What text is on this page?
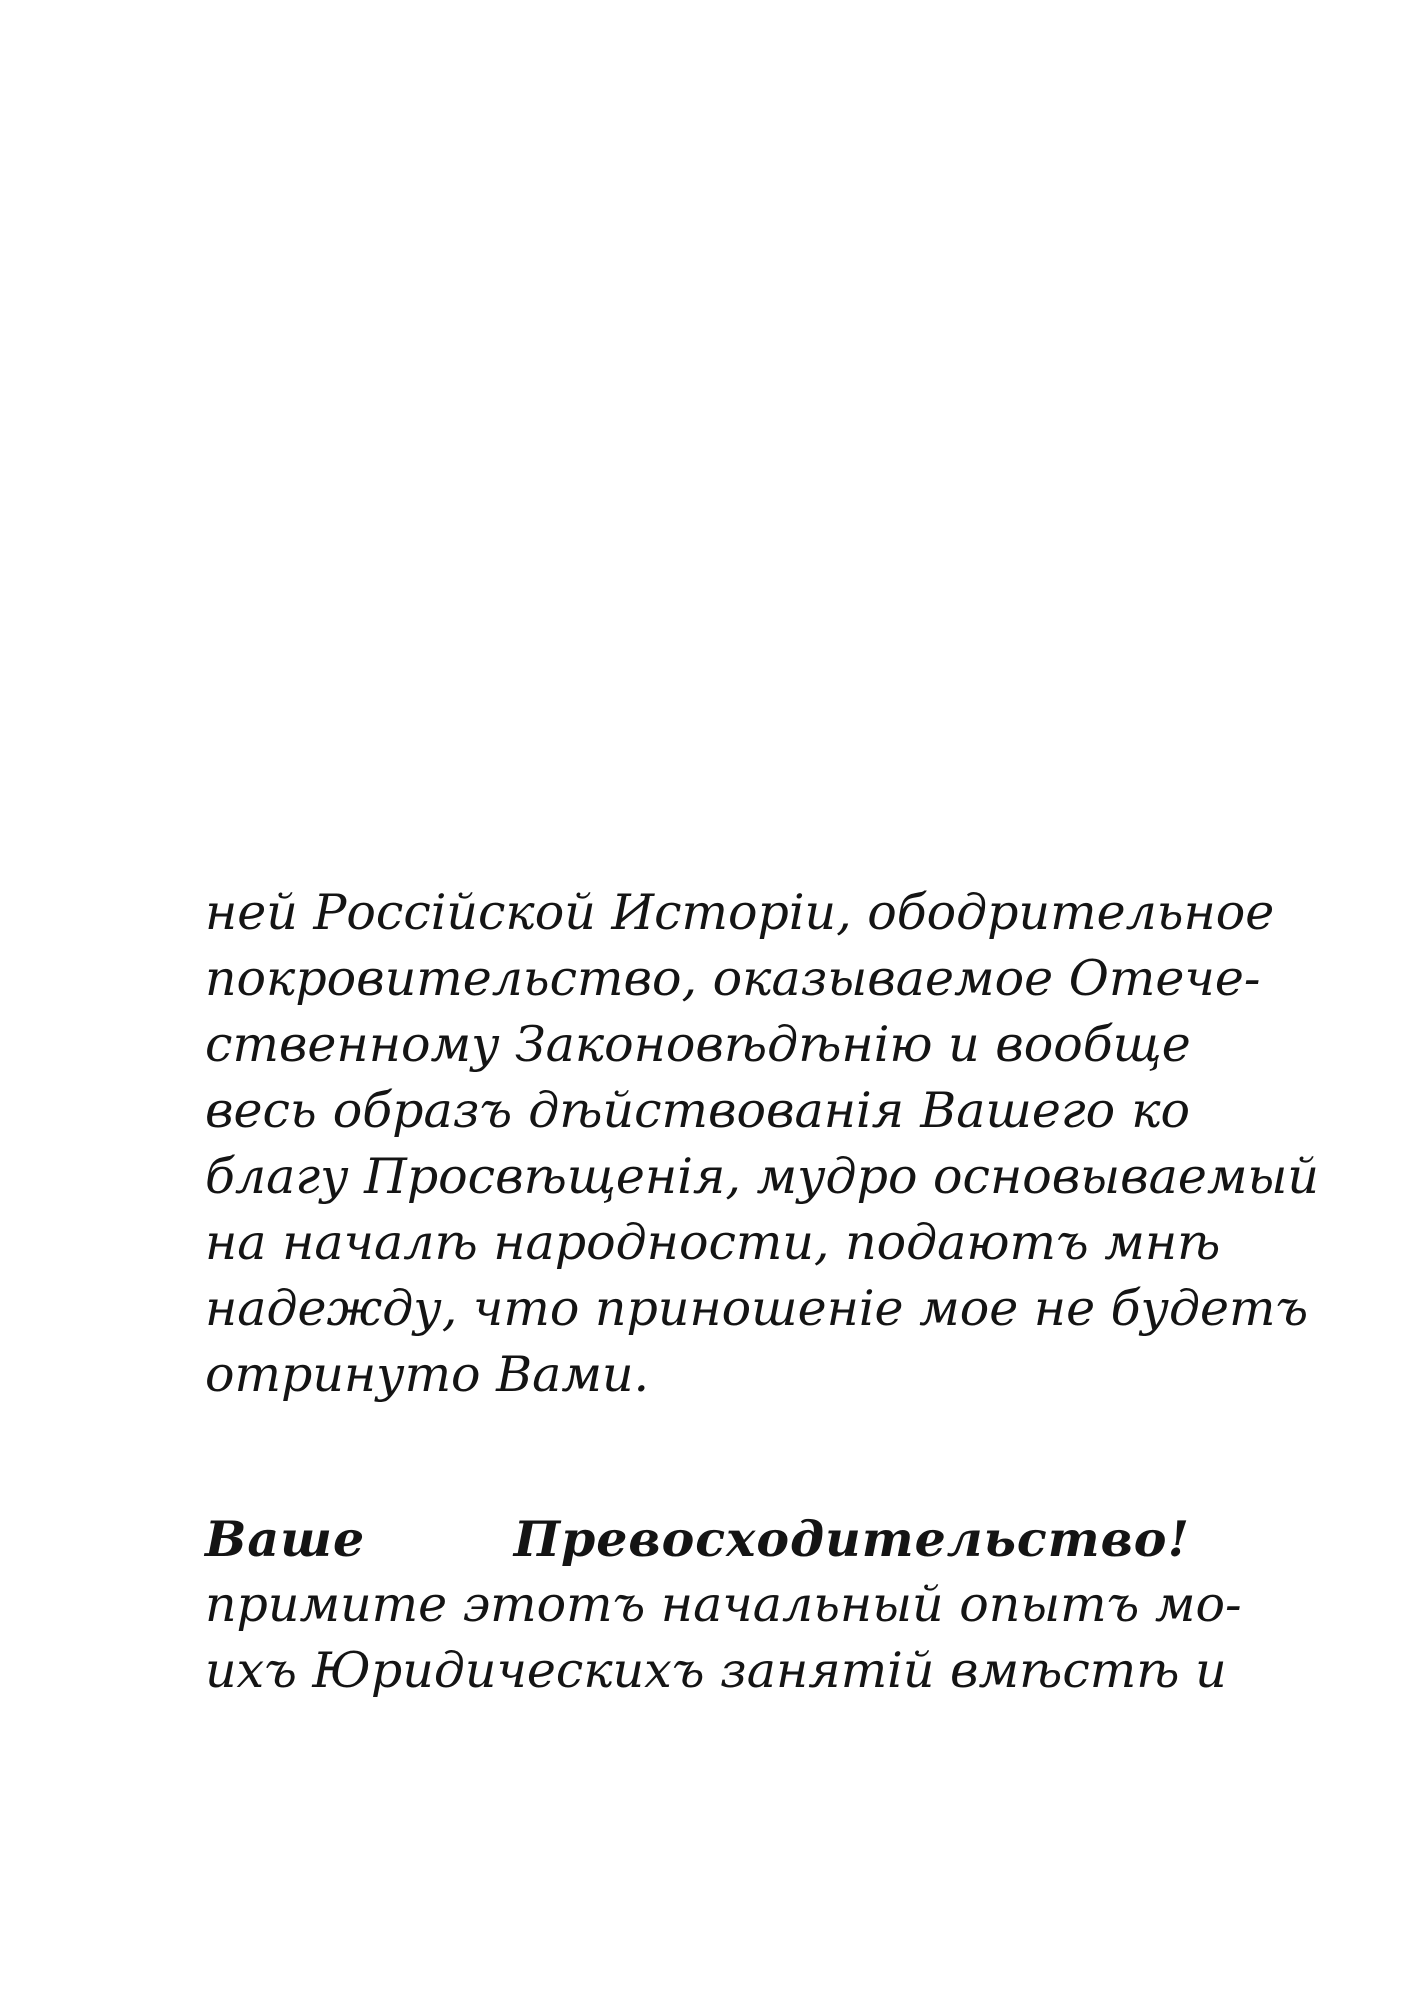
ней Россійской Исторіи, ободрительное
покровительство, оказываемое Отече-
ственному Законовѣдѣнію и вообще
весь образъ дѣйствованія Вашего ко
благу Просвѣщенія, мудро основываемый
на началѣ народности, подаютъ мнѣ
надежду, что приношеніе мое не будетъ
отринуто Вами.
Ваше Превосходительство!
примите этотъ начальный опытъ мо-
ихъ Юридическихъ занятій вмѣстѣ и
